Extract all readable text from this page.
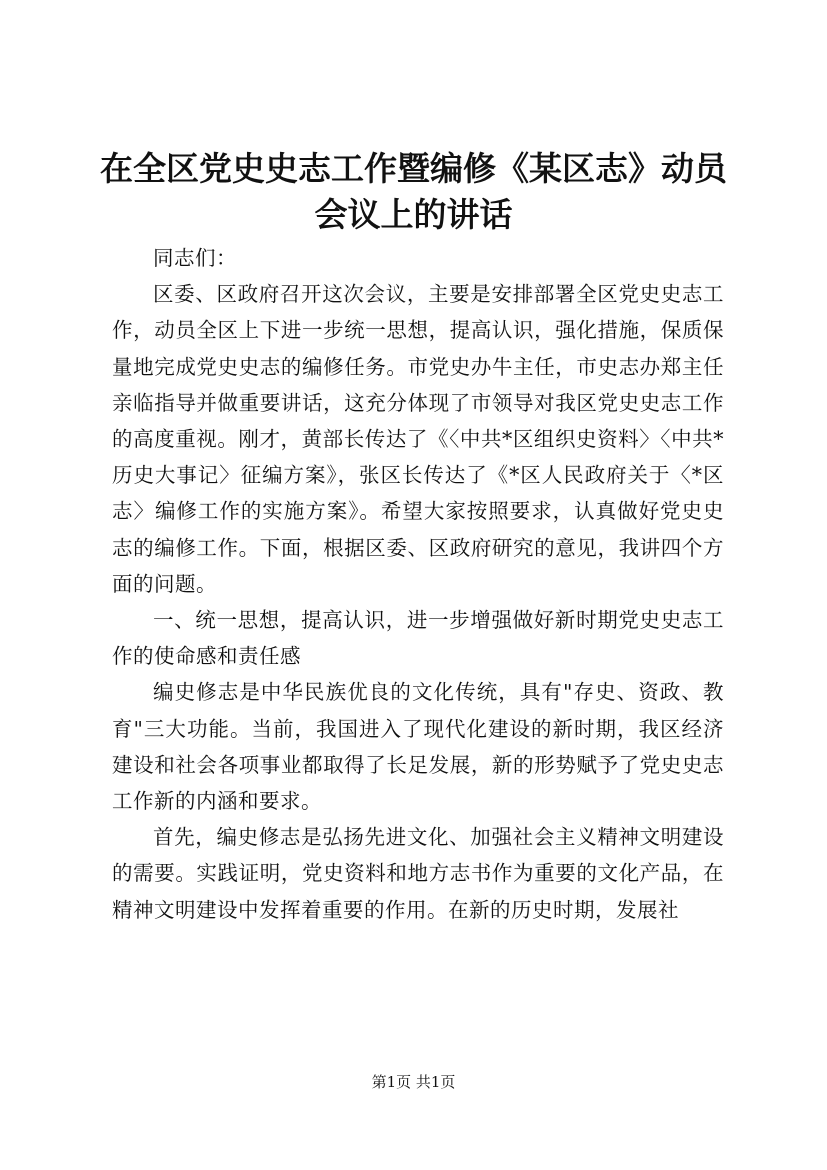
在全区党史史志工作暨编修《某区志》动员会议上的讲话

同志们：

区委、区政府召开这次会议，主要是安排部署全区党史史志工作，动员全区上下进一步统一思想，提高认识，强化措施，保质保量地完成党史史志的编修任务。市党史办牛主任，市史志办郑主任亲临指导并做重要讲话，这充分体现了市领导对我区党史史志工作的高度重视。刚才，黄部长传达了《〈中共*区组织史资料〉〈中共*历史大事记〉征编方案》，张区长传达了《*区人民政府关于〈*区志〉编修工作的实施方案》。希望大家按照要求，认真做好党史史志的编修工作。下面，根据区委、区政府研究的意见，我讲四个方面的问题。

一、统一思想，提高认识，进一步增强做好新时期党史史志工作的使命感和责任感

编史修志是中华民族优良的文化传统，具有"存史、资政、教育"三大功能。当前，我国进入了现代化建设的新时期，我区经济建设和社会各项事业都取得了长足发展，新的形势赋予了党史史志工作新的内涵和要求。

首先，编史修志是弘扬先进文化、加强社会主义精神文明建设的需要。实践证明，党史资料和地方志书作为重要的文化产品，在精神文明建设中发挥着重要的作用。在新的历史时期，发展社

第1页 共1页
